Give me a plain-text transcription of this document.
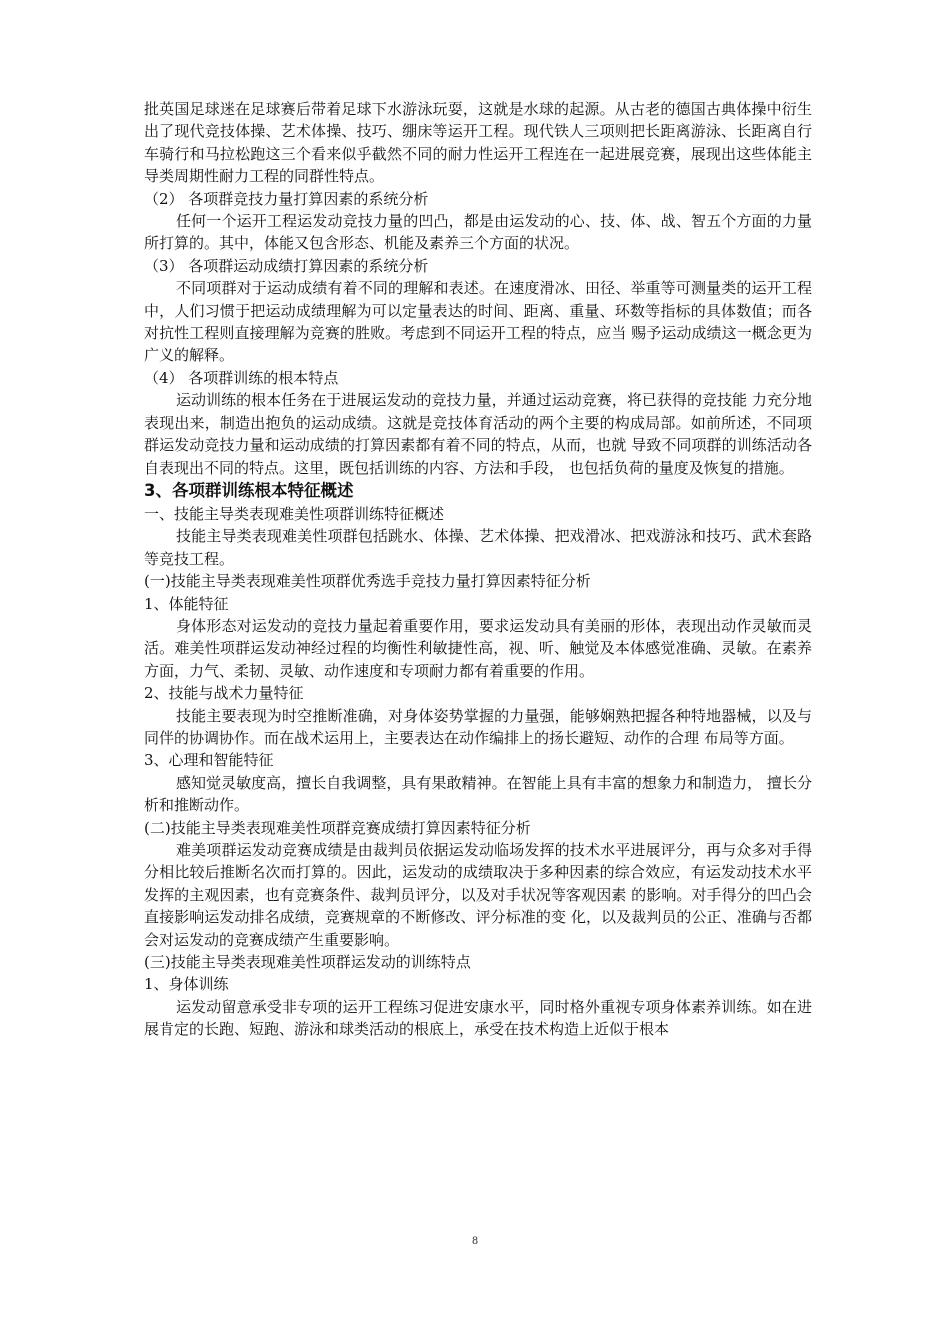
批英国足球迷在足球赛后带着足球下水游泳玩耍，这就是水球的起源。从古老的德国古典体操中衍生出了现代竞技体操、艺术体操、技巧、绷床等运开工程。现代铁人三项则把长距离游泳、长距离自行车骑行和马拉松跑这三个看来似乎截然不同的耐力性运开工程连在一起进展竞赛，展现出这些体能主导类周期性耐力工程的同群性特点。

（2） 各项群竞技力量打算因素的系统分析

任何一个运开工程运发动竞技力量的凹凸，都是由运发动的心、技、体、战、智五个方面的力量所打算的。其中，体能又包含形态、机能及素养三个方面的状况。

（3） 各项群运动成绩打算因素的系统分析

不同项群对于运动成绩有着不同的理解和表述。在速度滑冰、田径、举重等可测量类的运开工程中，人们习惯于把运动成绩理解为可以定量表达的时间、距离、重量、环数等指标的具体数值；而各对抗性工程则直接理解为竞赛的胜败。考虑到不同运开工程的特点，应当 赐予运动成绩这一概念更为广义的解释。

（4） 各项群训练的根本特点

运动训练的根本任务在于进展运发动的竞技力量，并通过运动竞赛，将已获得的竞技能 力充分地表现出来，制造出抱负的运动成绩。这就是竞技体育活动的两个主要的构成局部。如前所述，不同项群运发动竞技力量和运动成绩的打算因素都有着不同的特点，从而，也就 导致不同项群的训练活动各自表现出不同的特点。这里，既包括训练的内容、方法和手段， 也包括负荷的量度及恢复的措施。

3、各项群训练根本特征概述

一、技能主导类表现难美性项群训练特征概述

技能主导类表现难美性项群包括跳水、体操、艺术体操、把戏滑冰、把戏游泳和技巧、武术套路等竞技工程。

(一)技能主导类表现难美性项群优秀选手竞技力量打算因素特征分析

1、体能特征

身体形态对运发动的竞技力量起着重要作用，要求运发动具有美丽的形体，表现出动作灵敏而灵活。难美性项群运发动神经过程的均衡性利敏捷性高，视、听、触觉及本体感觉准确、灵敏。在素养方面，力气、柔韧、灵敏、动作速度和专项耐力都有着重要的作用。

2、技能与战术力量特征

技能主要表现为时空推断准确，对身体姿势掌握的力量强，能够娴熟把握各种特地器械，以及与同伴的协调协作。而在战术运用上，主要表达在动作编排上的扬长避短、动作的合理 布局等方面。

3、心理和智能特征

感知觉灵敏度高，擅长自我调整，具有果敢精神。在智能上具有丰富的想象力和制造力， 擅长分析和推断动作。

(二)技能主导类表现难美性项群竞赛成绩打算因素特征分析

难美项群运发动竞赛成绩是由裁判员依据运发动临场发挥的技术水平进展评分，再与众多对手得分相比较后推断名次而打算的。因此，运发动的成绩取决于多种因素的综合效应，有运发动技术水平发挥的主观因素，也有竞赛条件、裁判员评分，以及对手状况等客观因素 的影响。对手得分的凹凸会直接影响运发动排名成绩，竞赛规章的不断修改、评分标准的变 化，以及裁判员的公正、准确与否都会对运发动的竞赛成绩产生重要影响。

(三)技能主导类表现难美性项群运发动的训练特点

1、身体训练

运发动留意承受非专项的运开工程练习促进安康水平，同时格外重视专项身体素养训练。如在进展肯定的长跑、短跑、游泳和球类活动的根底上，承受在技术构造上近似于根本

8
